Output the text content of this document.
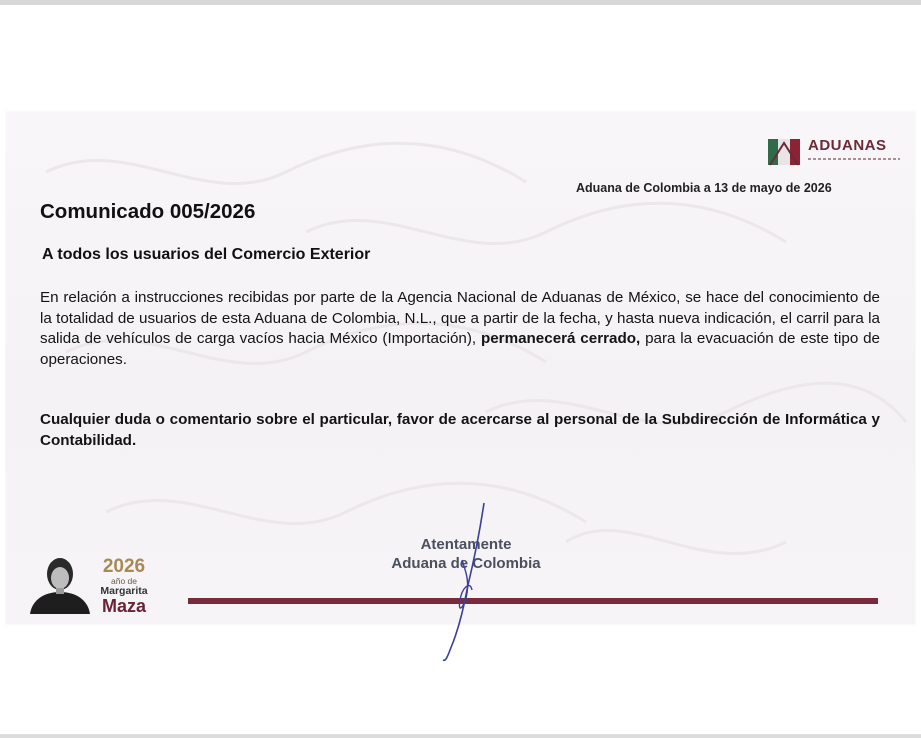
ADUANAS
Aduana de Colombia a 13 de mayo de 2026
Comunicado 005/2026
A todos los usuarios del Comercio Exterior
En relación a instrucciones recibidas por parte de la Agencia Nacional de Aduanas de México, se hace del conocimiento de la totalidad de usuarios de esta Aduana de Colombia, N.L., que a partir de la fecha, y hasta nueva indicación, el carril para la salida de vehículos de carga vacíos hacia México (Importación), permanecerá cerrado, para la evacuación de este tipo de operaciones.
Cualquier duda o comentario sobre el particular, favor de acercarse al personal de la Subdirección de Informática y Contabilidad.
Atentamente
Aduana de Colombia
2026
año de
Margarita
Maza
